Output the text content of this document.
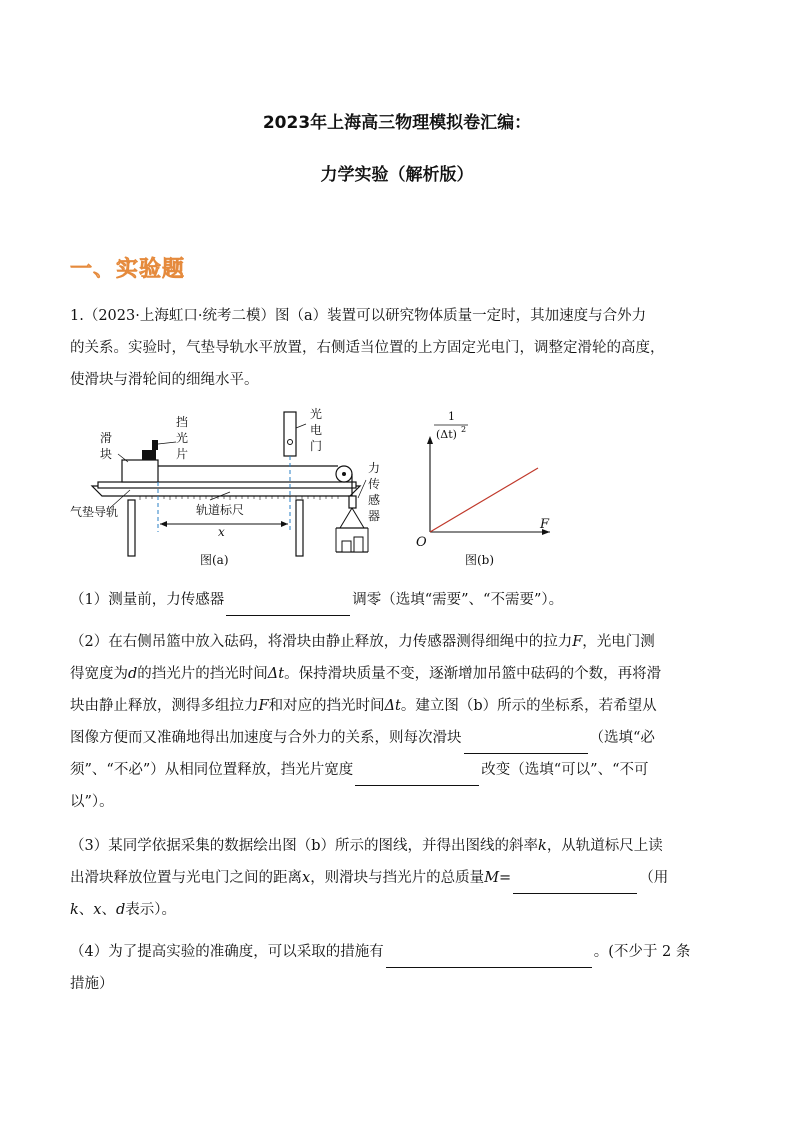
2023年上海高三物理模拟卷汇编：
力学实验（解析版）
一、实验题
1.（2023·上海虹口·统考二模）图（a）装置可以研究物体质量一定时，其加速度与合外力
的关系。实验时，气垫导轨水平放置，右侧适当位置的上方固定光电门，调整定滑轮的高度，
使滑块与滑轮间的细绳水平。
滑块
挡光片
光电门
力传感器
气垫导轨	轨道标尺
x
图(a)
1
(Δt) 2
F
O
图(b)
（1）测量前，力传感器	调零（选填“需要”、“不需要”）。
（2）在右侧吊篮中放入砝码，将滑块由静止释放，力传感器测得细绳中的拉力F，光电门测
得宽度为d的挡光片的挡光时间Δt。保持滑块质量不变，逐渐增加吊篮中砝码的个数，再将滑
块由静止释放，测得多组拉力F和对应的挡光时间Δt。建立图（b）所示的坐标系，若希望从
图像方便而又准确地得出加速度与合外力的关系，则每次滑块	（选填“必
须”、“不必”）从相同位置释放，挡光片宽度	改变（选填“可以”、“不可
以”）。
（3）某同学依据采集的数据绘出图（b）所示的图线，并得出图线的斜率k，从轨道标尺上读
出滑块释放位置与光电门之间的距离x，则滑块与挡光片的总质量M=	（用
k、x、d表示）。
（4）为了提高实验的准确度，可以采取的措施有	。(不少于 2 条
措施）
